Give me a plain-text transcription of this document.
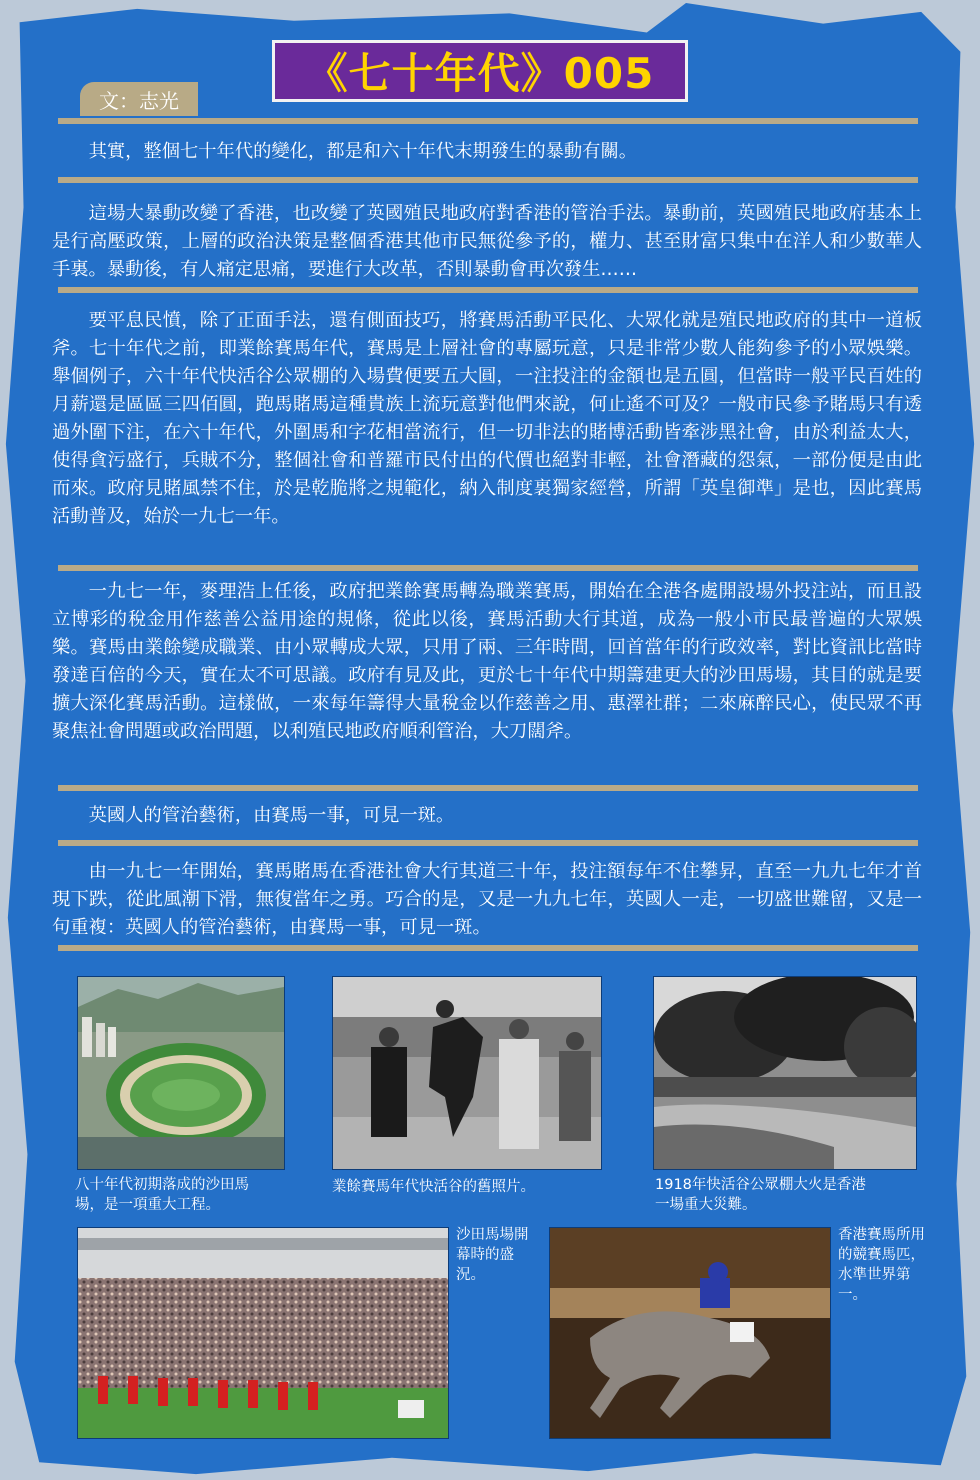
《七十年代》005
文：志光

其實，整個七十年代的變化，都是和六十年代末期發生的暴動有關。

這場大暴動改變了香港，也改變了英國殖民地政府對香港的管治手法。暴動前，英國殖民地政府基本上是行高壓政策，上層的政治決策是整個香港其他市民無從參予的，權力、甚至財富只集中在洋人和少數華人手裏。暴動後，有人痛定思痛，要進行大改革，否則暴動會再次發生……

要平息民憤，除了正面手法，還有側面技巧，將賽馬活動平民化、大眾化就是殖民地政府的其中一道板斧。七十年代之前，即業餘賽馬年代，賽馬是上層社會的專屬玩意，只是非常少數人能夠參予的小眾娛樂。舉個例子，六十年代快活谷公眾棚的入場費便要五大圓，一注投注的金額也是五圓，但當時一般平民百姓的月薪還是區區三四佰圓，跑馬賭馬這種貴族上流玩意對他們來說，何止遙不可及？一般市民參予賭馬只有透過外圍下注，在六十年代，外圍馬和字花相當流行，但一切非法的賭博活動皆牽涉黑社會，由於利益太大，使得貪污盛行，兵賊不分，整個社會和普羅市民付出的代價也絕對非輕，社會潛藏的怨氣，一部份便是由此而來。政府見賭風禁不住，於是乾脆將之規範化，納入制度裏獨家經營，所謂「英皇御準」是也，因此賽馬活動普及，始於一九七一年。

一九七一年，麥理浩上任後，政府把業餘賽馬轉為職業賽馬，開始在全港各處開設場外投注站，而且設立博彩的稅金用作慈善公益用途的規條，從此以後，賽馬活動大行其道，成為一般小市民最普遍的大眾娛樂。賽馬由業餘變成職業、由小眾轉成大眾，只用了兩、三年時間，回首當年的行政效率，對比資訊比當時發達百倍的今天，實在太不可思議。政府有見及此，更於七十年代中期籌建更大的沙田馬場，其目的就是要擴大深化賽馬活動。這樣做，一來每年籌得大量稅金以作慈善之用、惠澤社群；二來麻醉民心，使民眾不再聚焦社會問題或政治問題，以利殖民地政府順利管治，大刀闊斧。

英國人的管治藝術，由賽馬一事，可見一斑。

由一九七一年開始，賽馬賭馬在香港社會大行其道三十年，投注額每年不住攀昇，直至一九九七年才首現下跌，從此風潮下滑，無復當年之勇。巧合的是，又是一九九七年，英國人一走，一切盛世難留，又是一句重複：英國人的管治藝術，由賽馬一事，可見一斑。

八十年代初期落成的沙田馬場，是一項重大工程。

業餘賽馬年代快活谷的舊照片。	1918年快活谷公眾棚大火是香港一場重大災難。

沙田馬場開幕時的盛況。

香港賽馬所用的競賽馬匹，水準世界第一。
